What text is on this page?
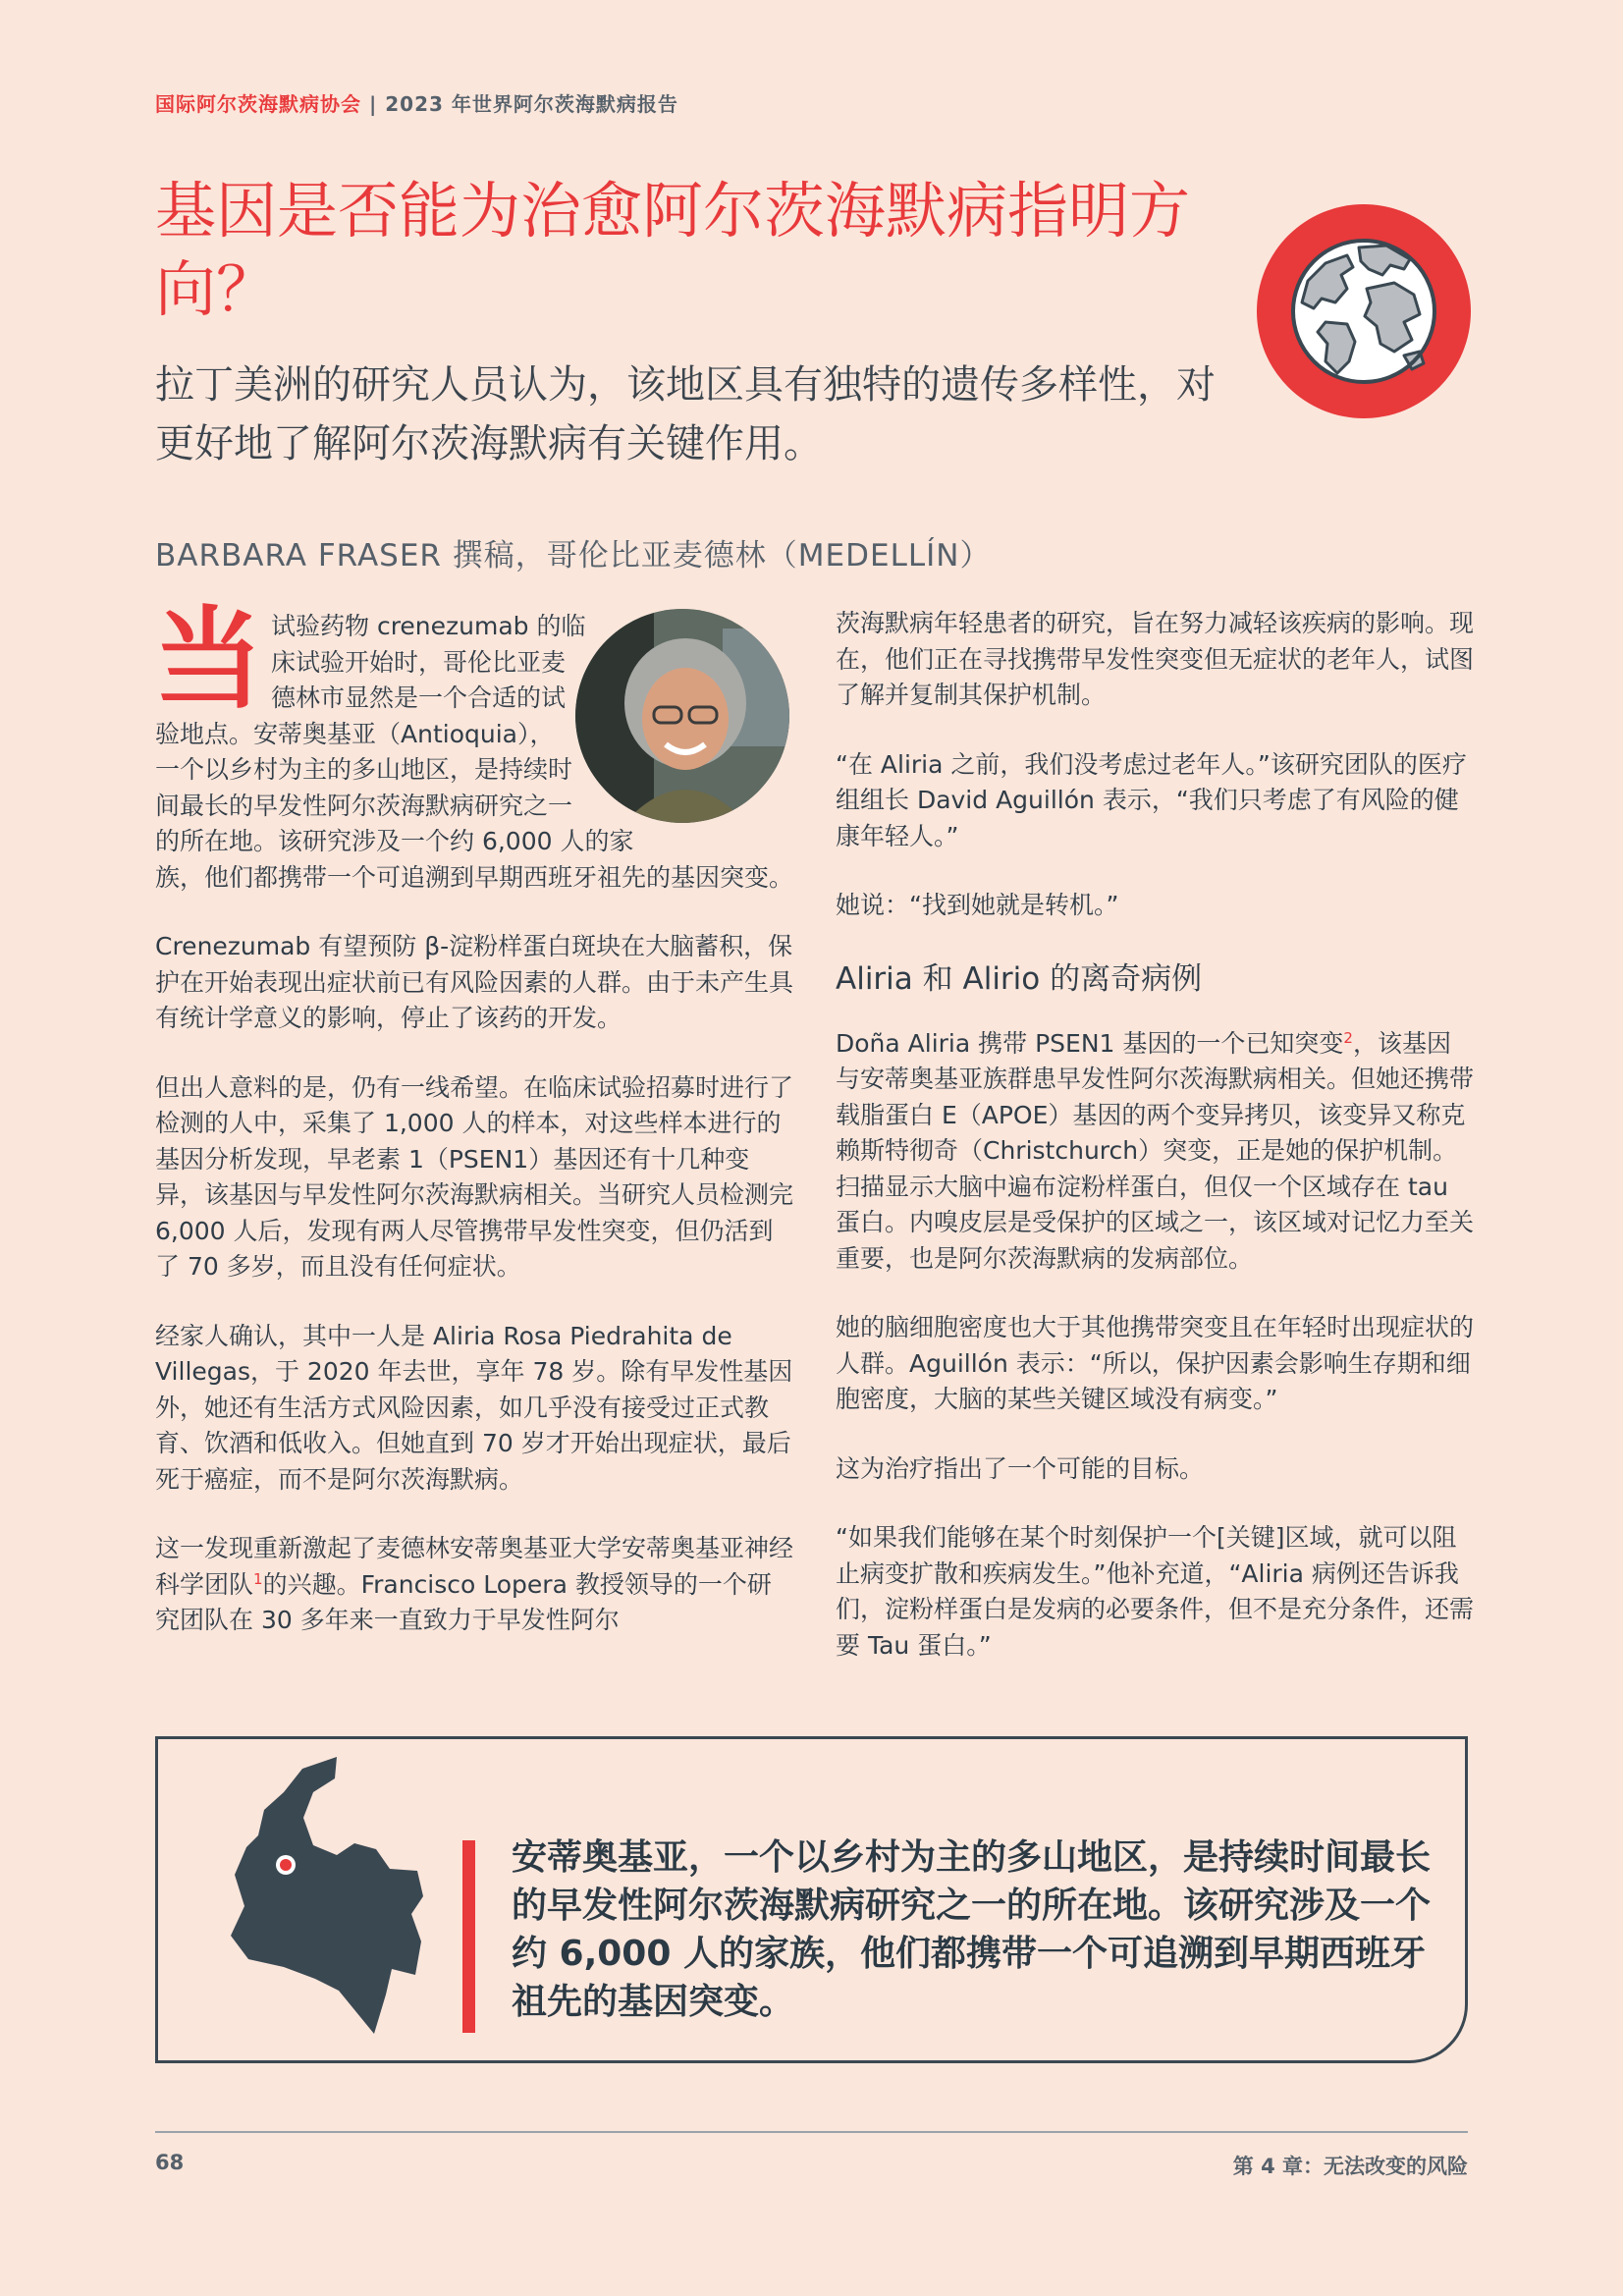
国际阿尔茨海默病协会 | 2023 年世界阿尔茨海默病报告
基因是否能为治愈阿尔茨海默病指明方向？

拉丁美洲的研究人员认为，该地区具有独特的遗传多样性，对更好地了解阿尔茨海默病有关键作用。

BARBARA FRASER 撰稿，哥伦比亚麦德林（MEDELLÍN）

当 试验药物 crenezumab 的临床试验开始时，哥伦比亚麦德林市显然是一个合适的试验地点。安蒂奥基亚（Antioquia），一个以乡村为主的多山地区，是持续时间最长的早发性阿尔茨海默病研究之一的所在地。该研究涉及一个约 6,000 人的家族，他们都携带一个可追溯到早期西班牙祖先的基因突变。

Crenezumab 有望预防 β-淀粉样蛋白斑块在大脑蓄积，保护在开始表现出症状前已有风险因素的人群。由于未产生具有统计学意义的影响，停止了该药的开发。

但出人意料的是，仍有一线希望。在临床试验招募时进行了检测的人中，采集了 1,000 人的样本，对这些样本进行的基因分析发现，早老素 1（PSEN1）基因还有十几种变异，该基因与早发性阿尔茨海默病相关。当研究人员检测完 6,000 人后，发现有两人尽管携带早发性突变，但仍活到了 70 多岁，而且没有任何症状。

经家人确认，其中一人是 Aliria Rosa Piedrahita de Villegas，于 2020 年去世，享年 78 岁。除有早发性基因外，她还有生活方式风险因素，如几乎没有接受过正式教育、饮酒和低收入。但她直到 70 岁才开始出现症状，最后死于癌症，而不是阿尔茨海默病。

这一发现重新激起了麦德林安蒂奥基亚大学安蒂奥基亚神经科学团队$^1$的兴趣。Francisco Lopera 教授领导的一个研究团队在 30 多年来一直致力于早发性阿尔

茨海默病年轻患者的研究，旨在努力减轻该疾病的影响。现在，他们正在寻找携带早发性突变但无症状的老年人，试图了解并复制其保护机制。

“在 Aliria 之前，我们没考虑过老年人。”该研究团队的医疗组组长 David Aguillón 表示，“我们只考虑了有风险的健康年轻人。”

她说：“找到她就是转机。”

Aliria 和 Alirio 的离奇病例

Doña Aliria 携带 PSEN1 基因的一个已知突变$^2$，该基因与安蒂奥基亚族群患早发性阿尔茨海默病相关。但她还携带载脂蛋白 E（APOE）基因的两个变异拷贝，该变异又称克赖斯特彻奇（Christchurch）突变，正是她的保护机制。扫描显示大脑中遍布淀粉样蛋白，但仅一个区域存在 tau 蛋白。内嗅皮层是受保护的区域之一，该区域对记忆力至关重要，也是阿尔茨海默病的发病部位。

她的脑细胞密度也大于其他携带突变且在年轻时出现症状的人群。Aguillón 表示：“所以，保护因素会影响生存期和细胞密度，大脑的某些关键区域没有病变。”

这为治疗指出了一个可能的目标。

“如果我们能够在某个时刻保护一个[关键]区域，就可以阻止病变扩散和疾病发生。”他补充道，“Aliria 病例还告诉我们，淀粉样蛋白是发病的必要条件，但不是充分条件，还需要 Tau 蛋白。”

安蒂奥基亚，一个以乡村为主的多山地区，是持续时间最长的早发性阿尔茨海默病研究之一的所在地。该研究涉及一个约 6,000 人的家族，他们都携带一个可追溯到早期西班牙祖先的基因突变。
68	第 4 章：无法改变的风险
